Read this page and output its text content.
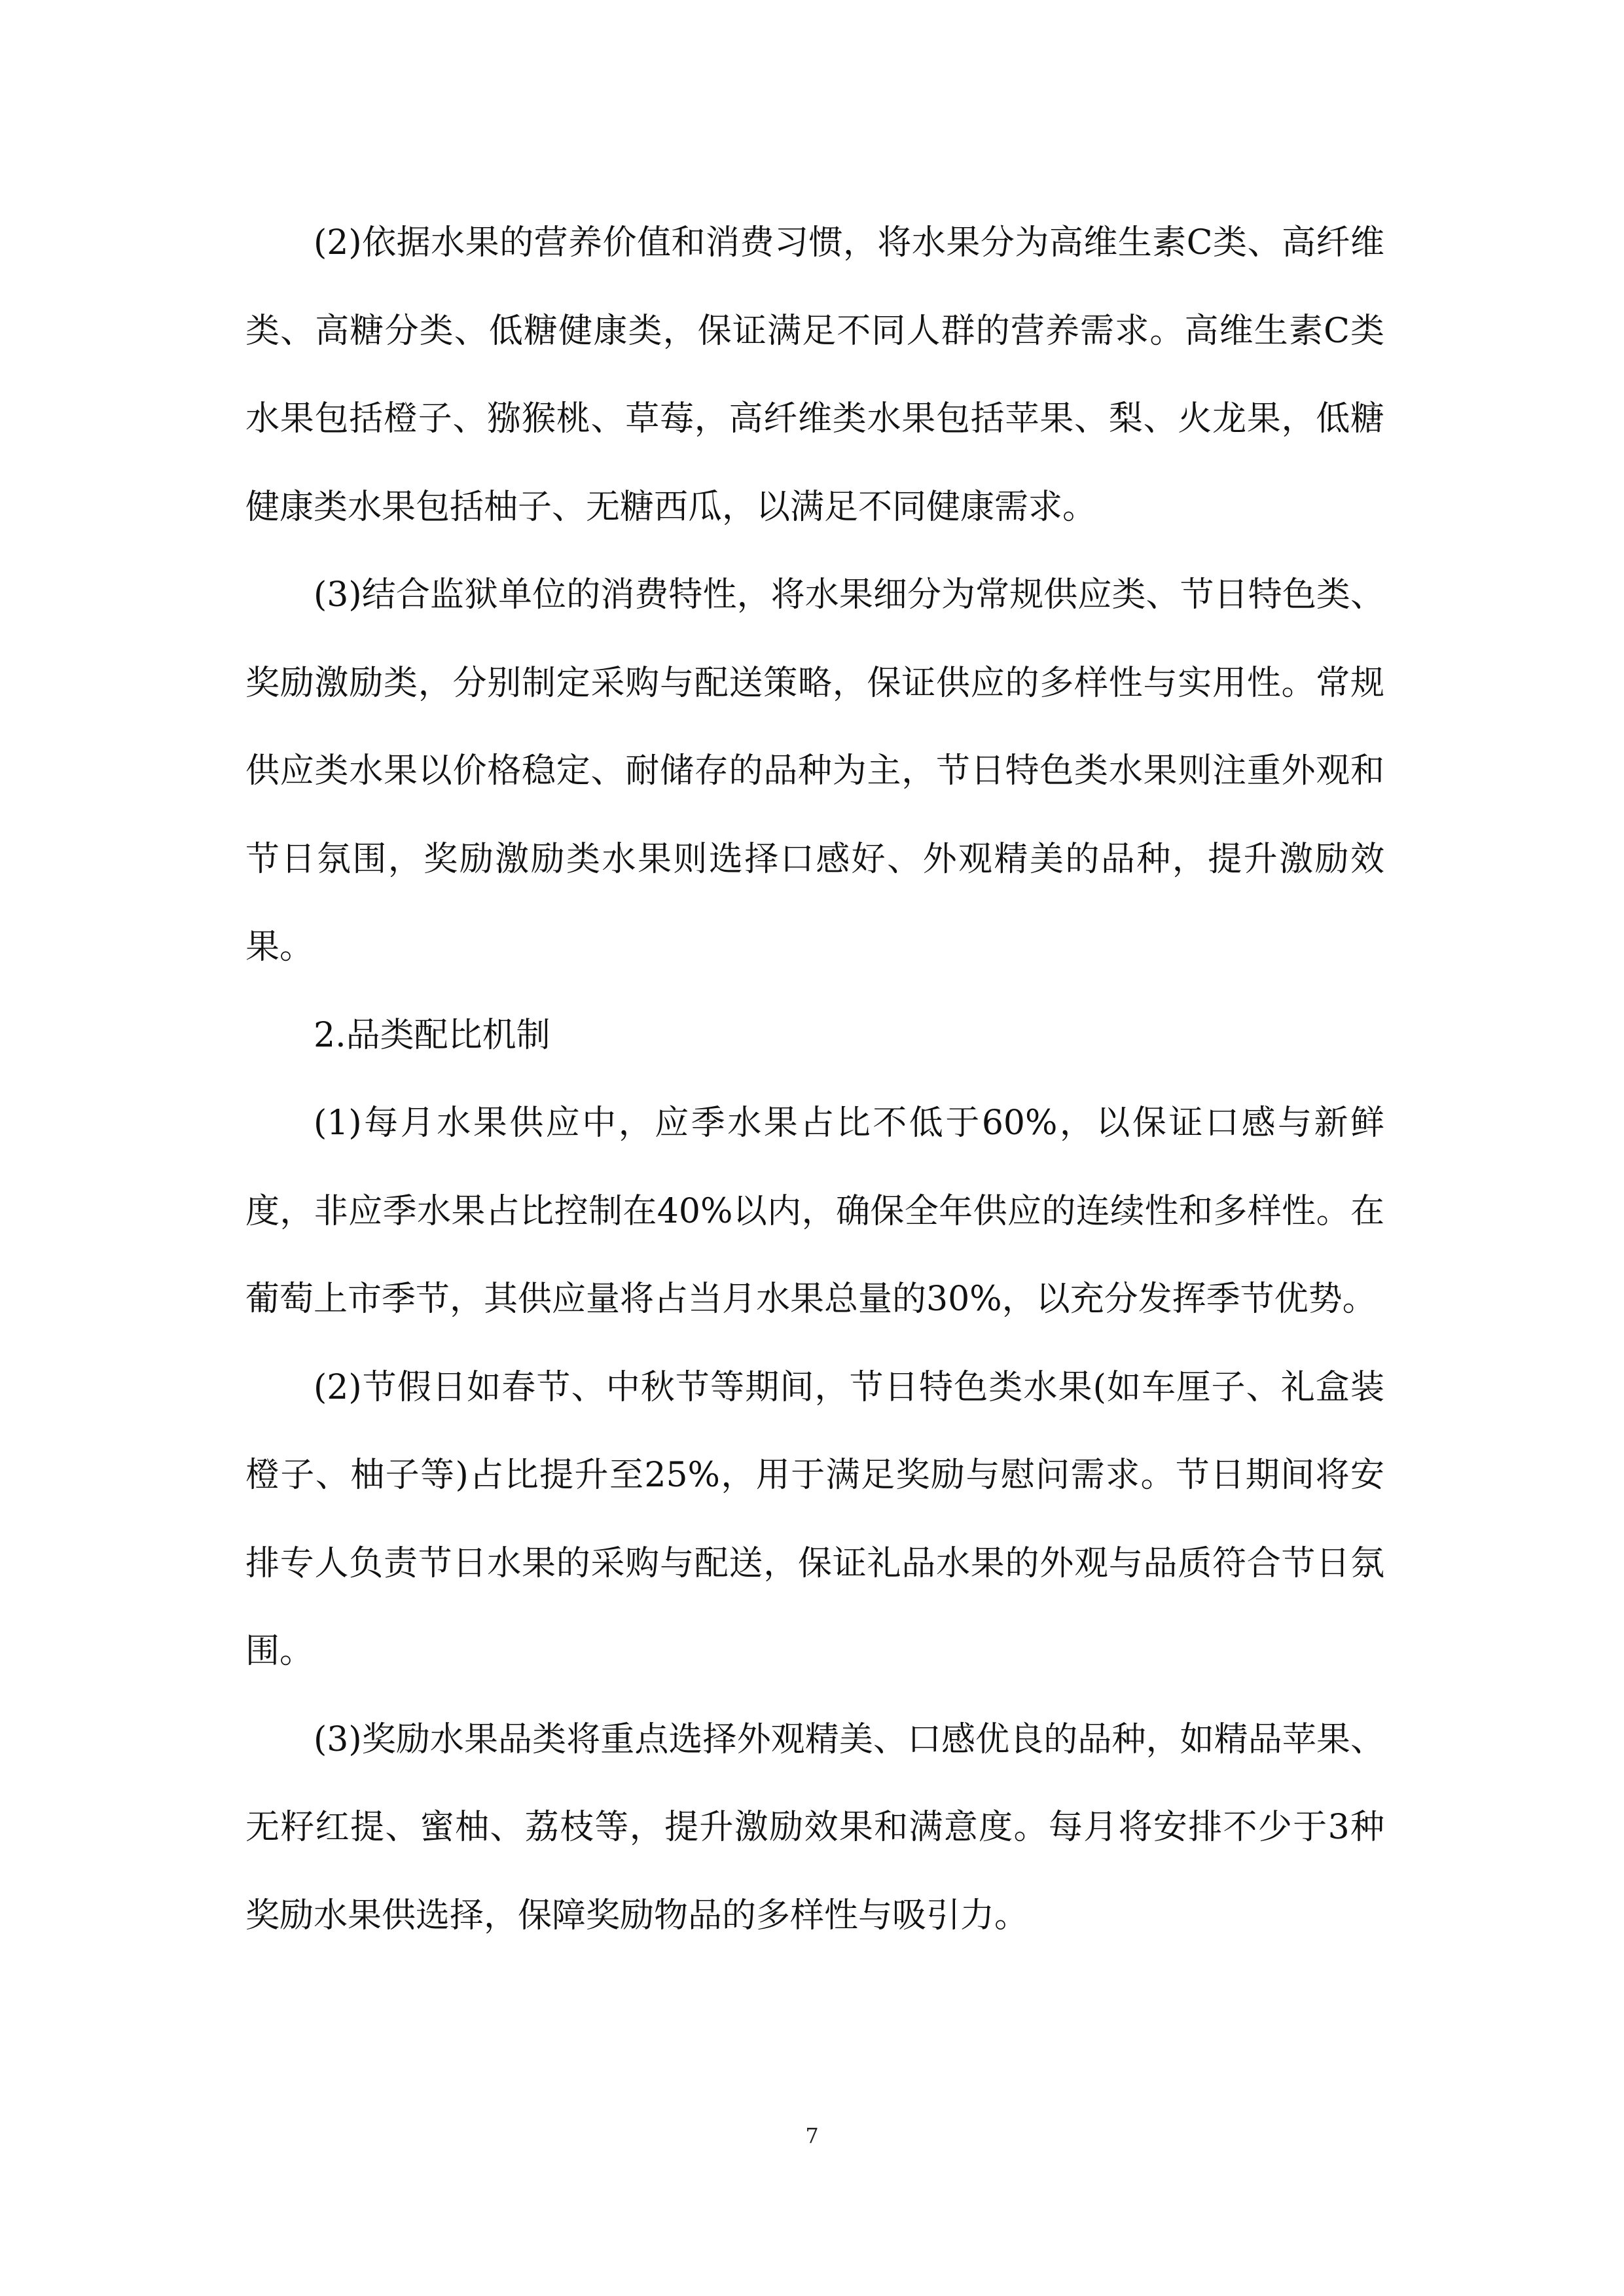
(2)依据水果的营养价值和消费习惯，将水果分为高维生素C类、高纤维类、高糖分类、低糖健康类，保证满足不同人群的营养需求。高维生素C类水果包括橙子、猕猴桃、草莓，高纤维类水果包括苹果、梨、火龙果，低糖健康类水果包括柚子、无糖西瓜，以满足不同健康需求。

(3)结合监狱单位的消费特性，将水果细分为常规供应类、节日特色类、奖励激励类，分别制定采购与配送策略，保证供应的多样性与实用性。常规供应类水果以价格稳定、耐储存的品种为主，节日特色类水果则注重外观和节日氛围，奖励激励类水果则选择口感好、外观精美的品种，提升激励效果。

2.品类配比机制

(1)每月水果供应中，应季水果占比不低于60%，以保证口感与新鲜度，非应季水果占比控制在40%以内，确保全年供应的连续性和多样性。在葡萄上市季节，其供应量将占当月水果总量的30%，以充分发挥季节优势。

(2)节假日如春节、中秋节等期间，节日特色类水果(如车厘子、礼盒装橙子、柚子等)占比提升至25%，用于满足奖励与慰问需求。节日期间将安排专人负责节日水果的采购与配送，保证礼品水果的外观与品质符合节日氛围。

(3)奖励水果品类将重点选择外观精美、口感优良的品种，如精品苹果、无籽红提、蜜柚、荔枝等，提升激励效果和满意度。每月将安排不少于3种奖励水果供选择，保障奖励物品的多样性与吸引力。

7
